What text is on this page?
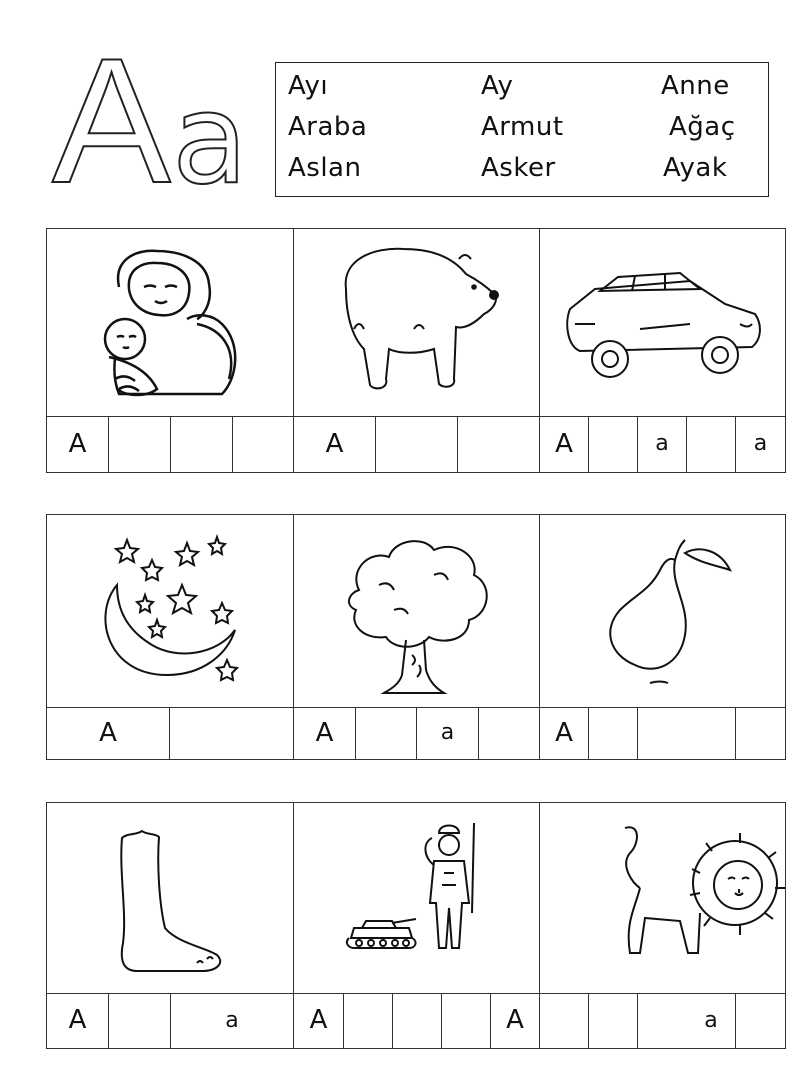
A a Ayı	Ay	Anne
Araba	Armut	Ağaç
Aslan	Asker	Ayak
A	A	A	a	a
A	A	a	A
A	a	A	A	a
